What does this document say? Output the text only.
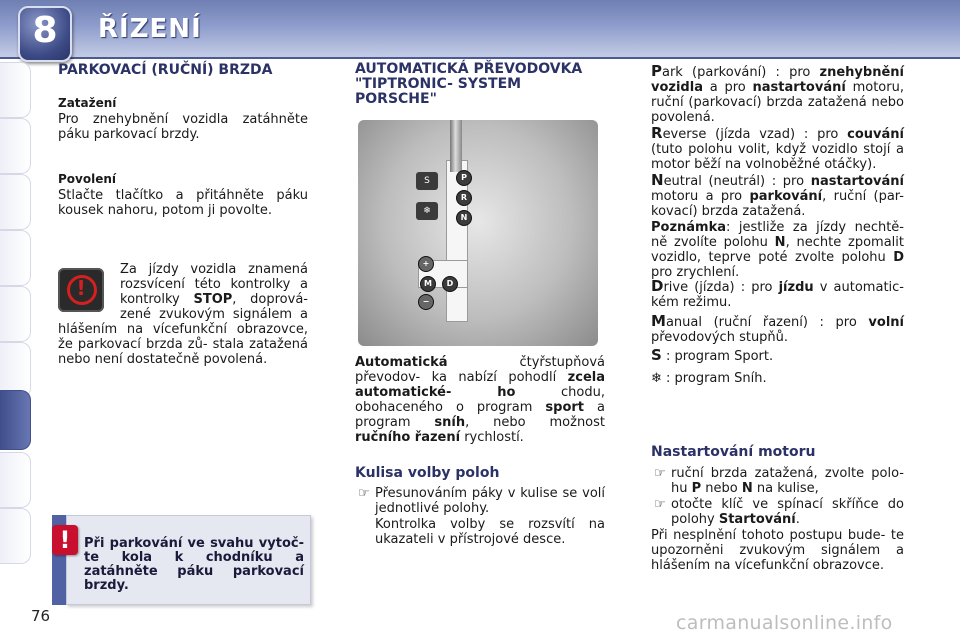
8	ŘÍZENÍ
PARKOVACÍ (RUČNÍ) BRZDA
Zatažení
Pro znehybnění vozidla zatáhněte páku parkovací brzdy.
Povolení
Stlačte tlačítko a přitáhněte páku kousek nahoru, potom ji povolte.
!
Za jízdy vozidla znamená rozsvícení této kontrolky a kontrolky STOP, doprová- zené zvukovým signálem a hlášením na vícefunkční obrazovce, že parkovací brzda zů- stala zatažená nebo není dostatečně povolená.
!	Při parkování ve svahu vytoč- te kola k chodníku a zatáhněte páku parkovací brzdy.
76
AUTOMATICKÁ PŘEVODOVKA "TIPTRONIC- SYSTEM PORSCHE"
P
R
N
D
M
S
❄
+
−
Automatická čtyřstupňová převodov- ka nabízí pohodlí zcela automatické- ho chodu, obohaceného o program sport a program sníh, nebo možnost ručního řazení rychlostí.
Kulisa volby poloh
☞ Přesunováním páky v kulise se volí jednotlivé polohy.
Kontrolka volby se rozsvítí na ukazateli v přístrojové desce.
Park (parkování) : pro znehybnění vozidla a pro nastartování motoru, ruční (parkovací) brzda zatažená nebo povolená.
Reverse (jízda vzad) : pro couvání (tuto polohu volit, když vozidlo stojí a motor běží na volnoběžné otáčky).
Neutral (neutrál) : pro nastartování motoru a pro parkování, ruční (par- kovací) brzda zatažená.
Poznámka: jestliže za jízdy nechtě- ně zvolíte polohu N, nechte zpomalit vozidlo, teprve poté zvolte polohu D pro zrychlení.
Drive (jízda) : pro jízdu v automatic- kém režimu.
Manual (ruční řazení) : pro volní převodových stupňů.
S : program Sport.
❄ : program Sníh.
Nastartování motoru
☞ ruční brzda zatažená, zvolte polo- hu P nebo N na kulise,
☞ otočte klíč ve spínací skříňce do polohy Startování.
Při nesplnění tohoto postupu bude- te upozorněni zvukovým signálem a hlášením na vícefunkční obrazovce.
carmanualsonline.info
